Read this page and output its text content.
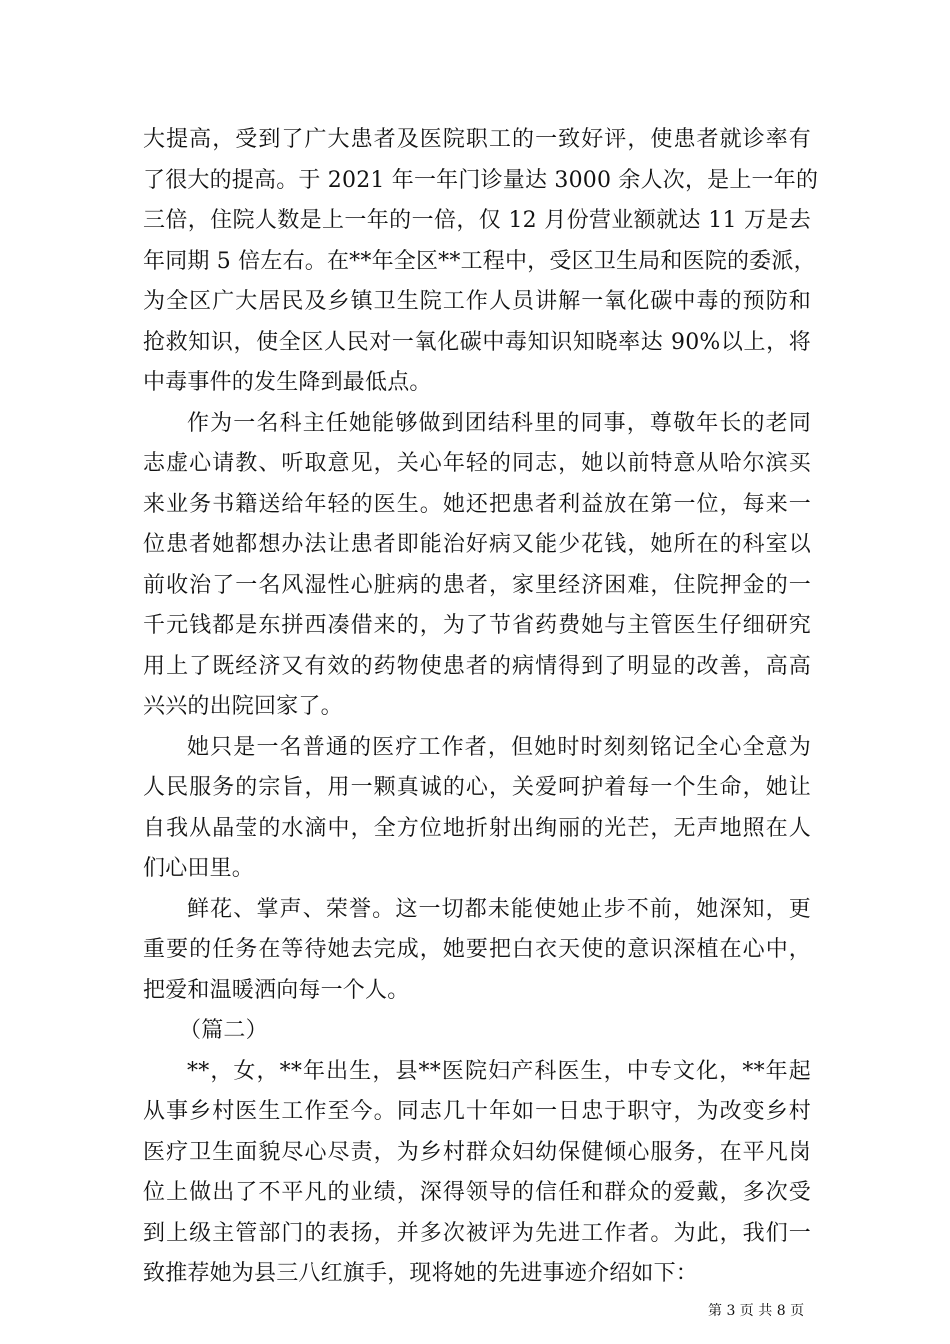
大提高，受到了广大患者及医院职工的一致好评，使患者就诊率有
了很大的提高。于 2021 年一年门诊量达 3000 余人次，是上一年的
三倍，住院人数是上一年的一倍，仅 12 月份营业额就达 11 万是去
年同期 5 倍左右。在**年全区**工程中，受区卫生局和医院的委派，
为全区广大居民及乡镇卫生院工作人员讲解一氧化碳中毒的预防和
抢救知识，使全区人民对一氧化碳中毒知识知晓率达 90%以上，将
中毒事件的发生降到最低点。
作为一名科主任她能够做到团结科里的同事，尊敬年长的老同
志虚心请教、听取意见，关心年轻的同志，她以前特意从哈尔滨买
来业务书籍送给年轻的医生。她还把患者利益放在第一位，每来一
位患者她都想办法让患者即能治好病又能少花钱，她所在的科室以
前收治了一名风湿性心脏病的患者，家里经济困难，住院押金的一
千元钱都是东拼西凑借来的，为了节省药费她与主管医生仔细研究
用上了既经济又有效的药物使患者的病情得到了明显的改善，高高
兴兴的出院回家了。
她只是一名普通的医疗工作者，但她时时刻刻铭记全心全意为
人民服务的宗旨，用一颗真诚的心，关爱呵护着每一个生命，她让
自我从晶莹的水滴中，全方位地折射出绚丽的光芒，无声地照在人
们心田里。
鲜花、掌声、荣誉。这一切都未能使她止步不前，她深知，更
重要的任务在等待她去完成，她要把白衣天使的意识深植在心中，
把爱和温暖洒向每一个人。
（篇二）
**，女，**年出生，县**医院妇产科医生，中专文化，**年起
从事乡村医生工作至今。同志几十年如一日忠于职守，为改变乡村
医疗卫生面貌尽心尽责，为乡村群众妇幼保健倾心服务，在平凡岗
位上做出了不平凡的业绩，深得领导的信任和群众的爱戴，多次受
到上级主管部门的表扬，并多次被评为先进工作者。为此，我们一
致推荐她为县三八红旗手，现将她的先进事迹介绍如下：
第 3 页 共 8 页
